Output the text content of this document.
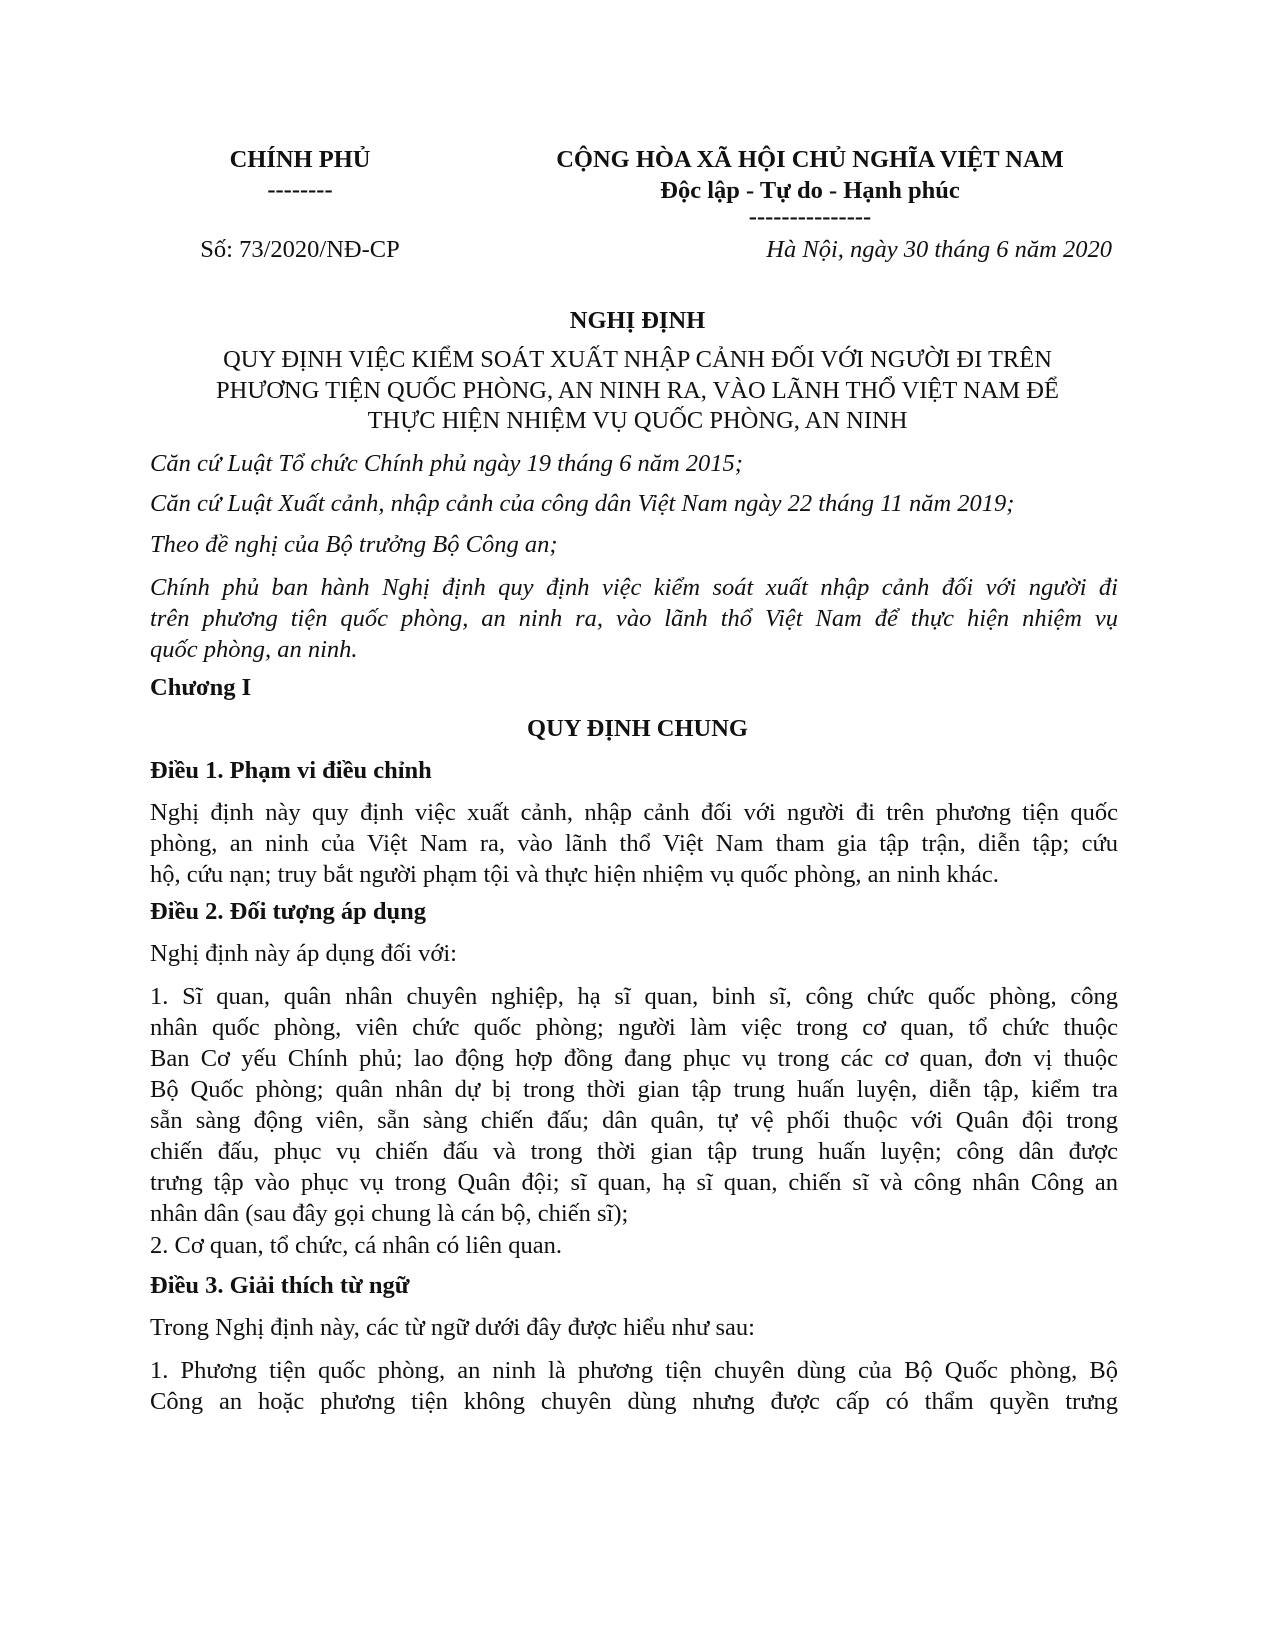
CHÍNH PHỦ
--------
CỘNG HÒA XÃ HỘI CHỦ NGHĨA VIỆT NAM
Độc lập - Tự do - Hạnh phúc
---------------
Số: 73/2020/NĐ-CP	Hà Nội, ngày 30 tháng 6 năm 2020
NGHỊ ĐỊNH
QUY ĐỊNH VIỆC KIỂM SOÁT XUẤT NHẬP CẢNH ĐỐI VỚI NGƯỜI ĐI TRÊN
PHƯƠNG TIỆN QUỐC PHÒNG, AN NINH RA, VÀO LÃNH THỔ VIỆT NAM ĐỂ
THỰC HIỆN NHIỆM VỤ QUỐC PHÒNG, AN NINH
Căn cứ Luật Tổ chức Chính phủ ngày 19 tháng 6 năm 2015;
Căn cứ Luật Xuất cảnh, nhập cảnh của công dân Việt Nam ngày 22 tháng 11 năm 2019;
Theo đề nghị của Bộ trưởng Bộ Công an;
Chính phủ ban hành Nghị định quy định việc kiểm soát xuất nhập cảnh đối với người đi
trên phương tiện quốc phòng, an ninh ra, vào lãnh thổ Việt Nam để thực hiện nhiệm vụ
quốc phòng, an ninh.
Chương I
QUY ĐỊNH CHUNG
Điều 1. Phạm vi điều chỉnh
Nghị định này quy định việc xuất cảnh, nhập cảnh đối với người đi trên phương tiện quốc
phòng, an ninh của Việt Nam ra, vào lãnh thổ Việt Nam tham gia tập trận, diễn tập; cứu
hộ, cứu nạn; truy bắt người phạm tội và thực hiện nhiệm vụ quốc phòng, an ninh khác.
Điều 2. Đối tượng áp dụng
Nghị định này áp dụng đối với:
1. Sĩ quan, quân nhân chuyên nghiệp, hạ sĩ quan, binh sĩ, công chức quốc phòng, công
nhân quốc phòng, viên chức quốc phòng; người làm việc trong cơ quan, tổ chức thuộc
Ban Cơ yếu Chính phủ; lao động hợp đồng đang phục vụ trong các cơ quan, đơn vị thuộc
Bộ Quốc phòng; quân nhân dự bị trong thời gian tập trung huấn luyện, diễn tập, kiểm tra
sẵn sàng động viên, sẵn sàng chiến đấu; dân quân, tự vệ phối thuộc với Quân đội trong
chiến đấu, phục vụ chiến đấu và trong thời gian tập trung huấn luyện; công dân được
trưng tập vào phục vụ trong Quân đội; sĩ quan, hạ sĩ quan, chiến sĩ và công nhân Công an
nhân dân (sau đây gọi chung là cán bộ, chiến sĩ);
2. Cơ quan, tổ chức, cá nhân có liên quan.
Điều 3. Giải thích từ ngữ
Trong Nghị định này, các từ ngữ dưới đây được hiểu như sau:
1. Phương tiện quốc phòng, an ninh là phương tiện chuyên dùng của Bộ Quốc phòng, Bộ
Công an hoặc phương tiện không chuyên dùng nhưng được cấp có thẩm quyền trưng
